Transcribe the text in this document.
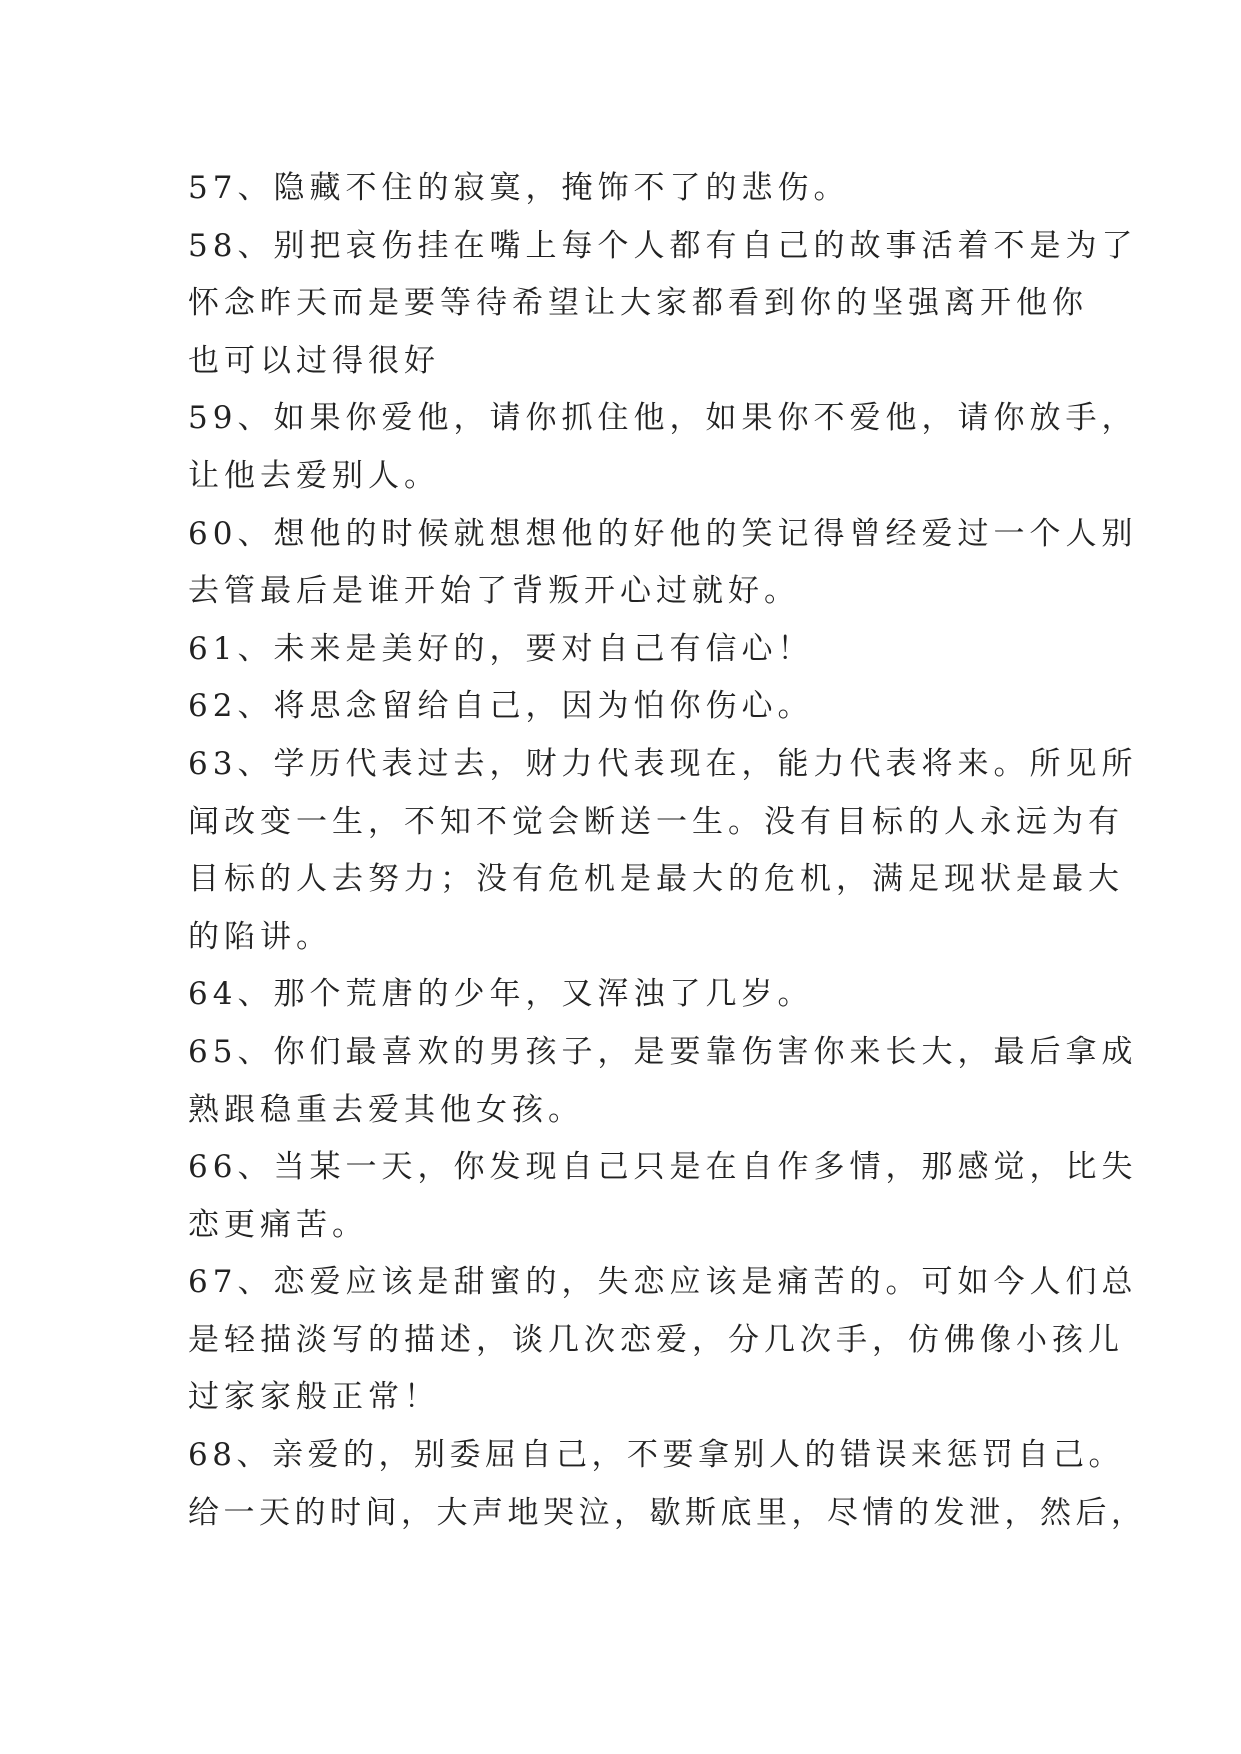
57、隐藏不住的寂寞，掩饰不了的悲伤。
58、别把哀伤挂在嘴上每个人都有自己的故事活着不是为了
怀念昨天而是要等待希望让大家都看到你的坚强离开他你
也可以过得很好
59、如果你爱他，请你抓住他，如果你不爱他，请你放手，
让他去爱别人。
60、想他的时候就想想他的好他的笑记得曾经爱过一个人别
去管最后是谁开始了背叛开心过就好。
61、未来是美好的，要对自己有信心！
62、将思念留给自己，因为怕你伤心。
63、学历代表过去，财力代表现在，能力代表将来。所见所
闻改变一生，不知不觉会断送一生。没有目标的人永远为有
目标的人去努力；没有危机是最大的危机，满足现状是最大
的陷讲。
64、那个荒唐的少年，又浑浊了几岁。
65、你们最喜欢的男孩子，是要靠伤害你来长大，最后拿成
熟跟稳重去爱其他女孩。
66、当某一天，你发现自己只是在自作多情，那感觉，比失
恋更痛苦。
67、恋爱应该是甜蜜的，失恋应该是痛苦的。可如今人们总
是轻描淡写的描述，谈几次恋爱，分几次手，仿佛像小孩儿
过家家般正常！
68、亲爱的，别委屈自己，不要拿别人的错误来惩罚自己。
给一天的时间，大声地哭泣，歇斯底里，尽情的发泄，然后，
